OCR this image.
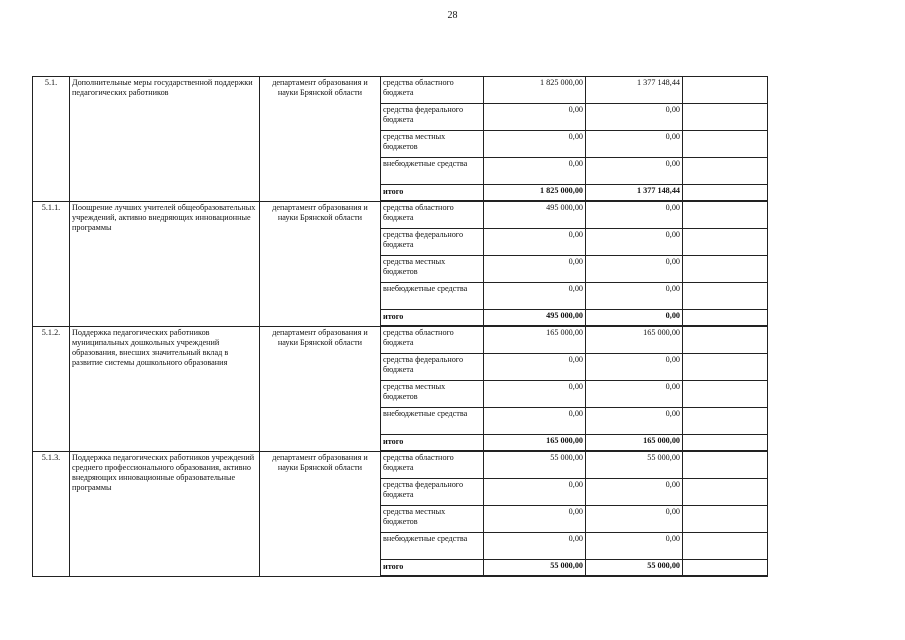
28
5.1.	Дополнительные меры государственной поддержки педагогических работников	департамент образования и науки Брянской области	средства областного бюджета	1 825 000,00	1 377 148,44	
			средства федерального бюджета	0,00	0,00	
			средства местных бюджетов	0,00	0,00	
			внебюджетные средства	0,00	0,00	
			итого	1 825 000,00	1 377 148,44	
5.1.1.	Поощрение лучших учителей общеобразовательных учреждений, активно внедряющих инновационные программы	департамент образования и науки Брянской области	средства областного бюджета	495 000,00	0,00	
			средства федерального бюджета	0,00	0,00	
			средства местных бюджетов	0,00	0,00	
			внебюджетные средства	0,00	0,00	
			итого	495 000,00	0,00	
5.1.2.	Поддержка педагогических работников муниципальных дошкольных учреждений образования, внесших значительный вклад в развитие системы дошкольного образования	департамент образования и науки Брянской области	средства областного бюджета	165 000,00	165 000,00	
			средства федерального бюджета	0,00	0,00	
			средства местных бюджетов	0,00	0,00	
			внебюджетные средства	0,00	0,00	
			итого	165 000,00	165 000,00	
5.1.3.	Поддержка педагогических работников учреждений среднего профессионального образования, активно внедряющих инновационные образовательные программы	департамент образования и науки Брянской области	средства областного бюджета	55 000,00	55 000,00	
			средства федерального бюджета	0,00	0,00	
			средства местных бюджетов	0,00	0,00	
			внебюджетные средства	0,00	0,00	
			итого	55 000,00	55 000,00	
